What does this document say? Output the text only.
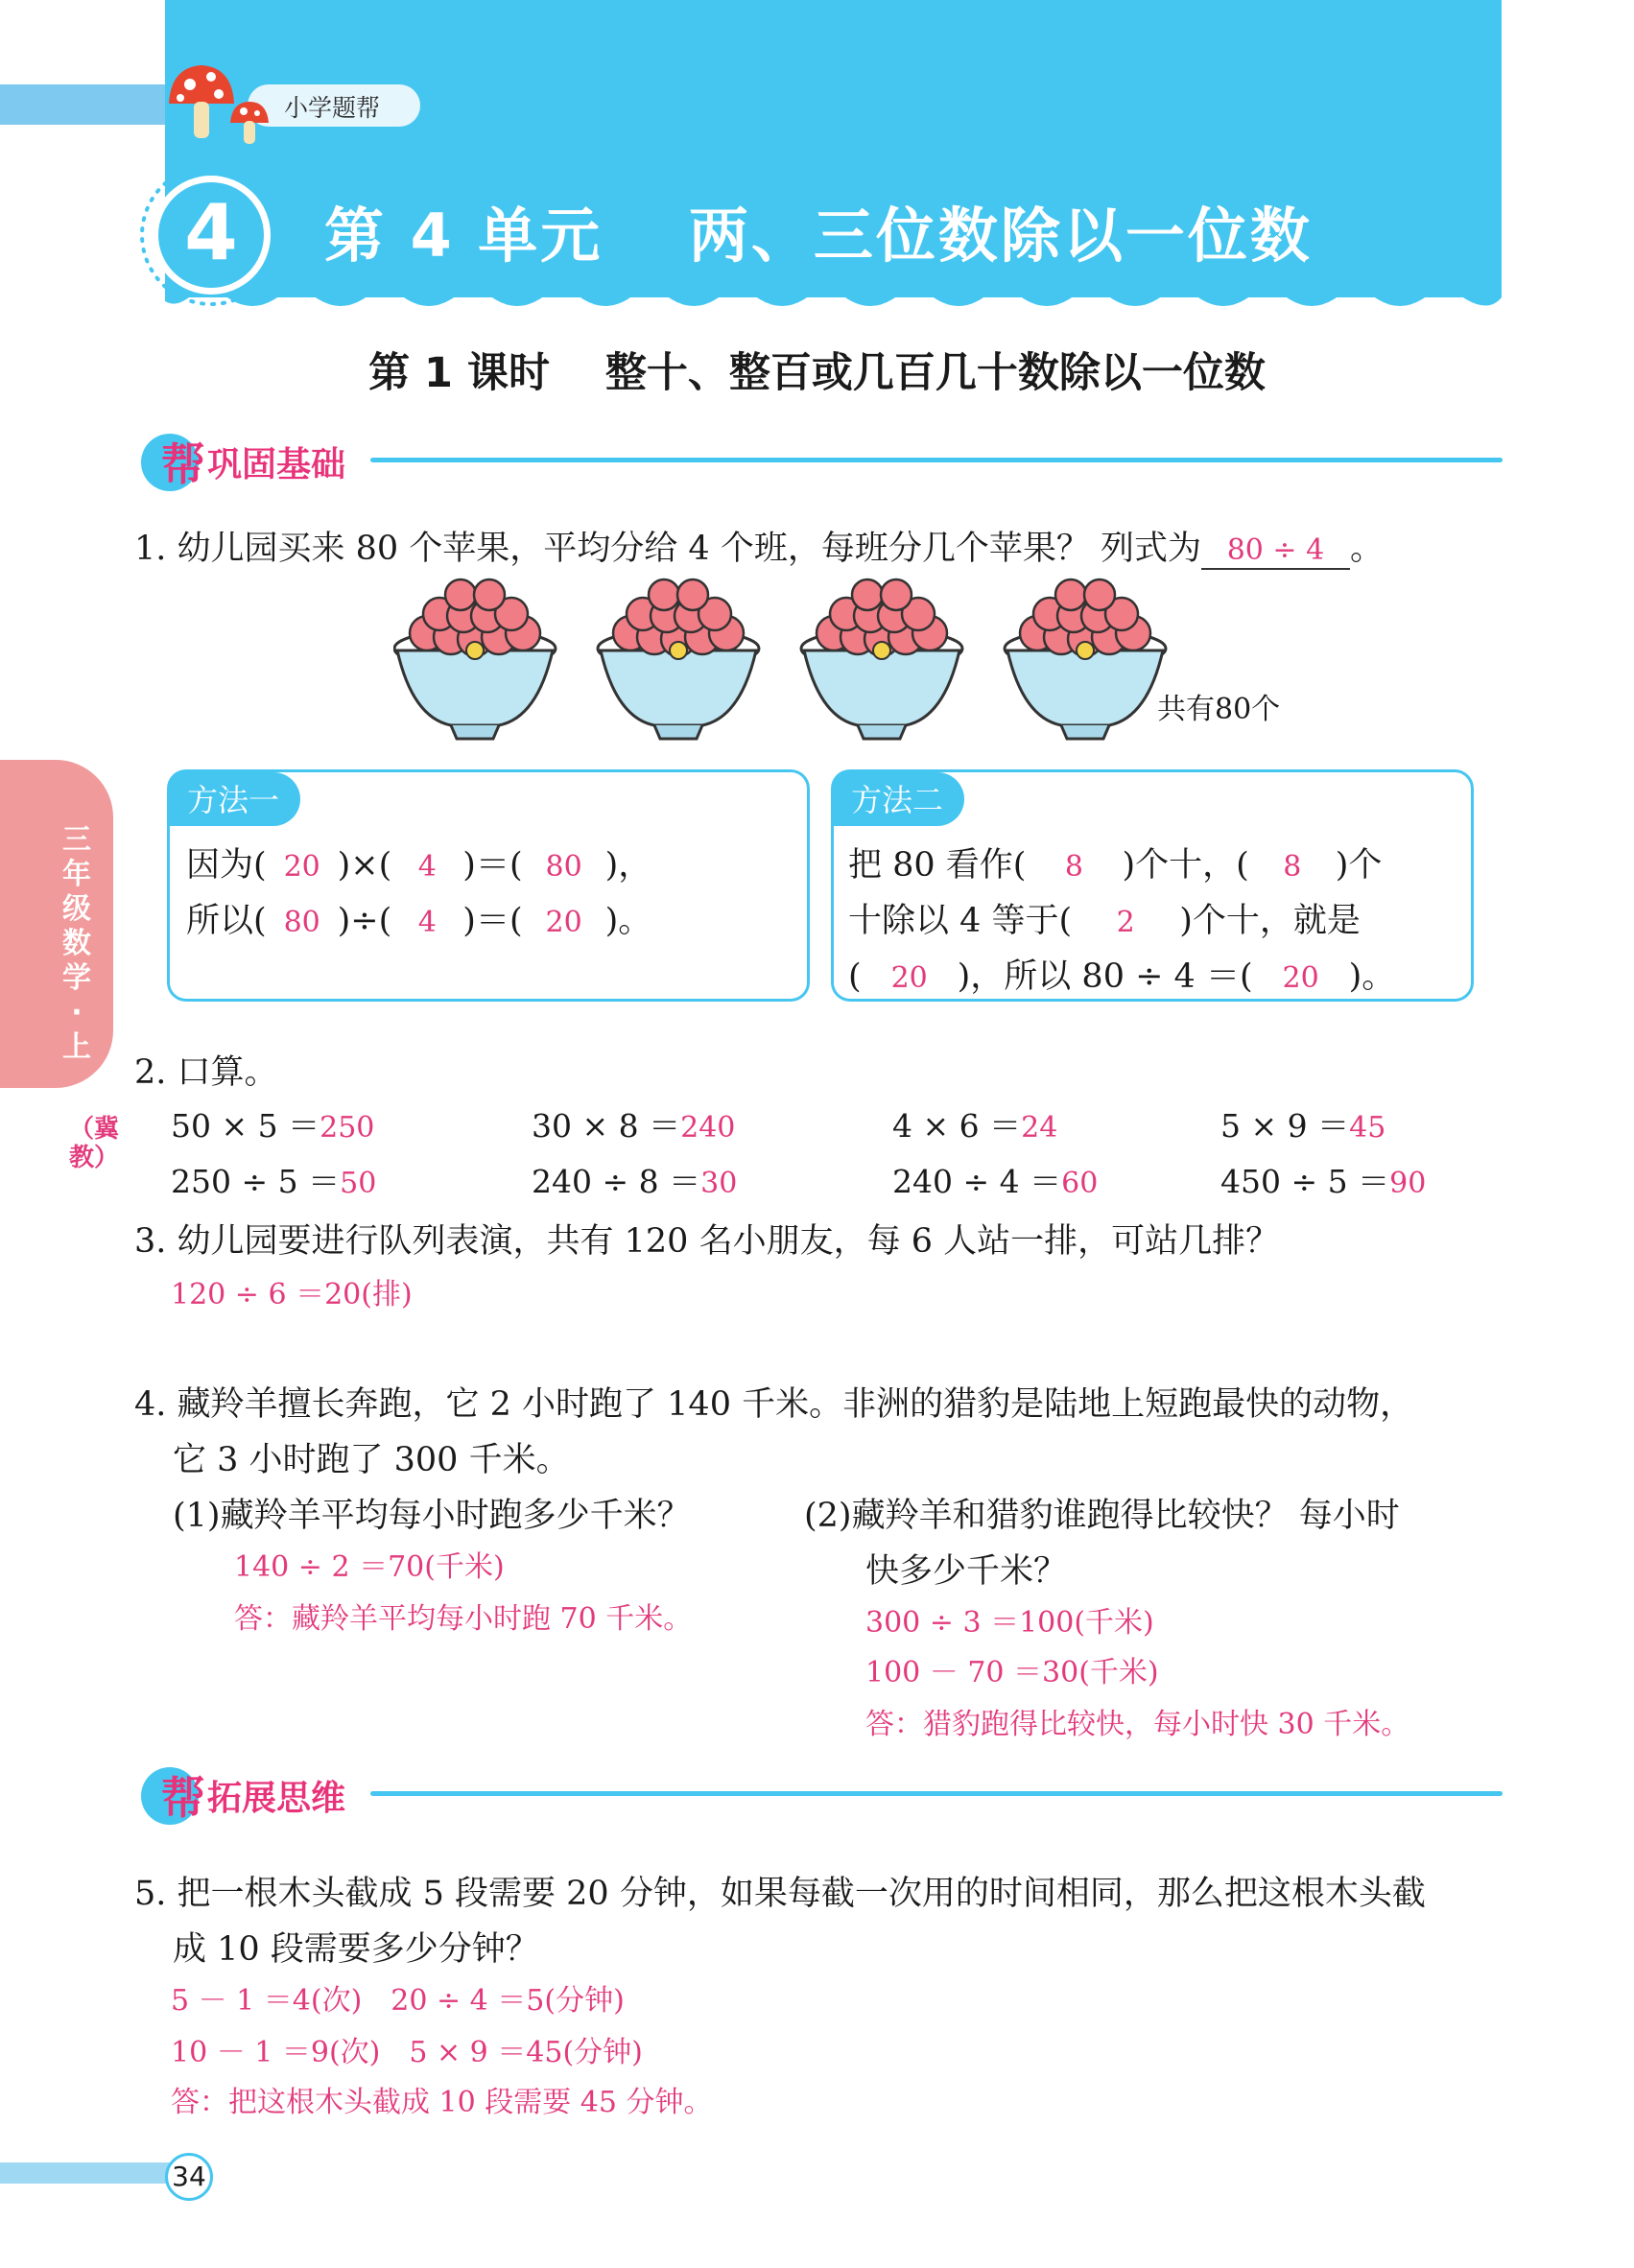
小学题帮
4	第 4 单元　 两、三位数除以一位数
第 1 课时　 整十、整百或几百几十数除以一位数
帮 巩固基础
1. 幼儿园买来 80 个苹果，平均分给 4 个班，每班分几个苹果？ 列式为 80 ÷ 4 。
共有80个
方法一
因为( 20 )×( 4 )＝( 80 )，
所以( 80 )÷( 4 )＝( 20 )。
方法二
把 80 看作( 8 )个十，( 8 )个
十除以 4 等于( 2 )个十，就是
( 20 )，所以 80 ÷ 4 ＝( 20 )。
三年级数学·上
（冀教）
2. 口算。
50 × 5 ＝250	30 × 8 ＝240	4 × 6 ＝24	5 × 9 ＝45
250 ÷ 5 ＝50	240 ÷ 8 ＝30	240 ÷ 4 ＝60	450 ÷ 5 ＝90
3. 幼儿园要进行队列表演，共有 120 名小朋友，每 6 人站一排，可站几排？
120 ÷ 6 ＝20(排)
4. 藏羚羊擅长奔跑，它 2 小时跑了 140 千米。非洲的猎豹是陆地上短跑最快的动物，
它 3 小时跑了 300 千米。
(1)藏羚羊平均每小时跑多少千米？
140 ÷ 2 ＝70(千米)
答：藏羚羊平均每小时跑 70 千米。
(2)藏羚羊和猎豹谁跑得比较快？ 每小时
快多少千米？
300 ÷ 3 ＝100(千米)
100 － 70 ＝30(千米)
答：猎豹跑得比较快，每小时快 30 千米。
帮 拓展思维
5. 把一根木头截成 5 段需要 20 分钟，如果每截一次用的时间相同，那么把这根木头截
成 10 段需要多少分钟？
5 － 1 ＝4(次)　20 ÷ 4 ＝5(分钟)
10 － 1 ＝9(次)　5 × 9 ＝45(分钟)
答：把这根木头截成 10 段需要 45 分钟。
34
